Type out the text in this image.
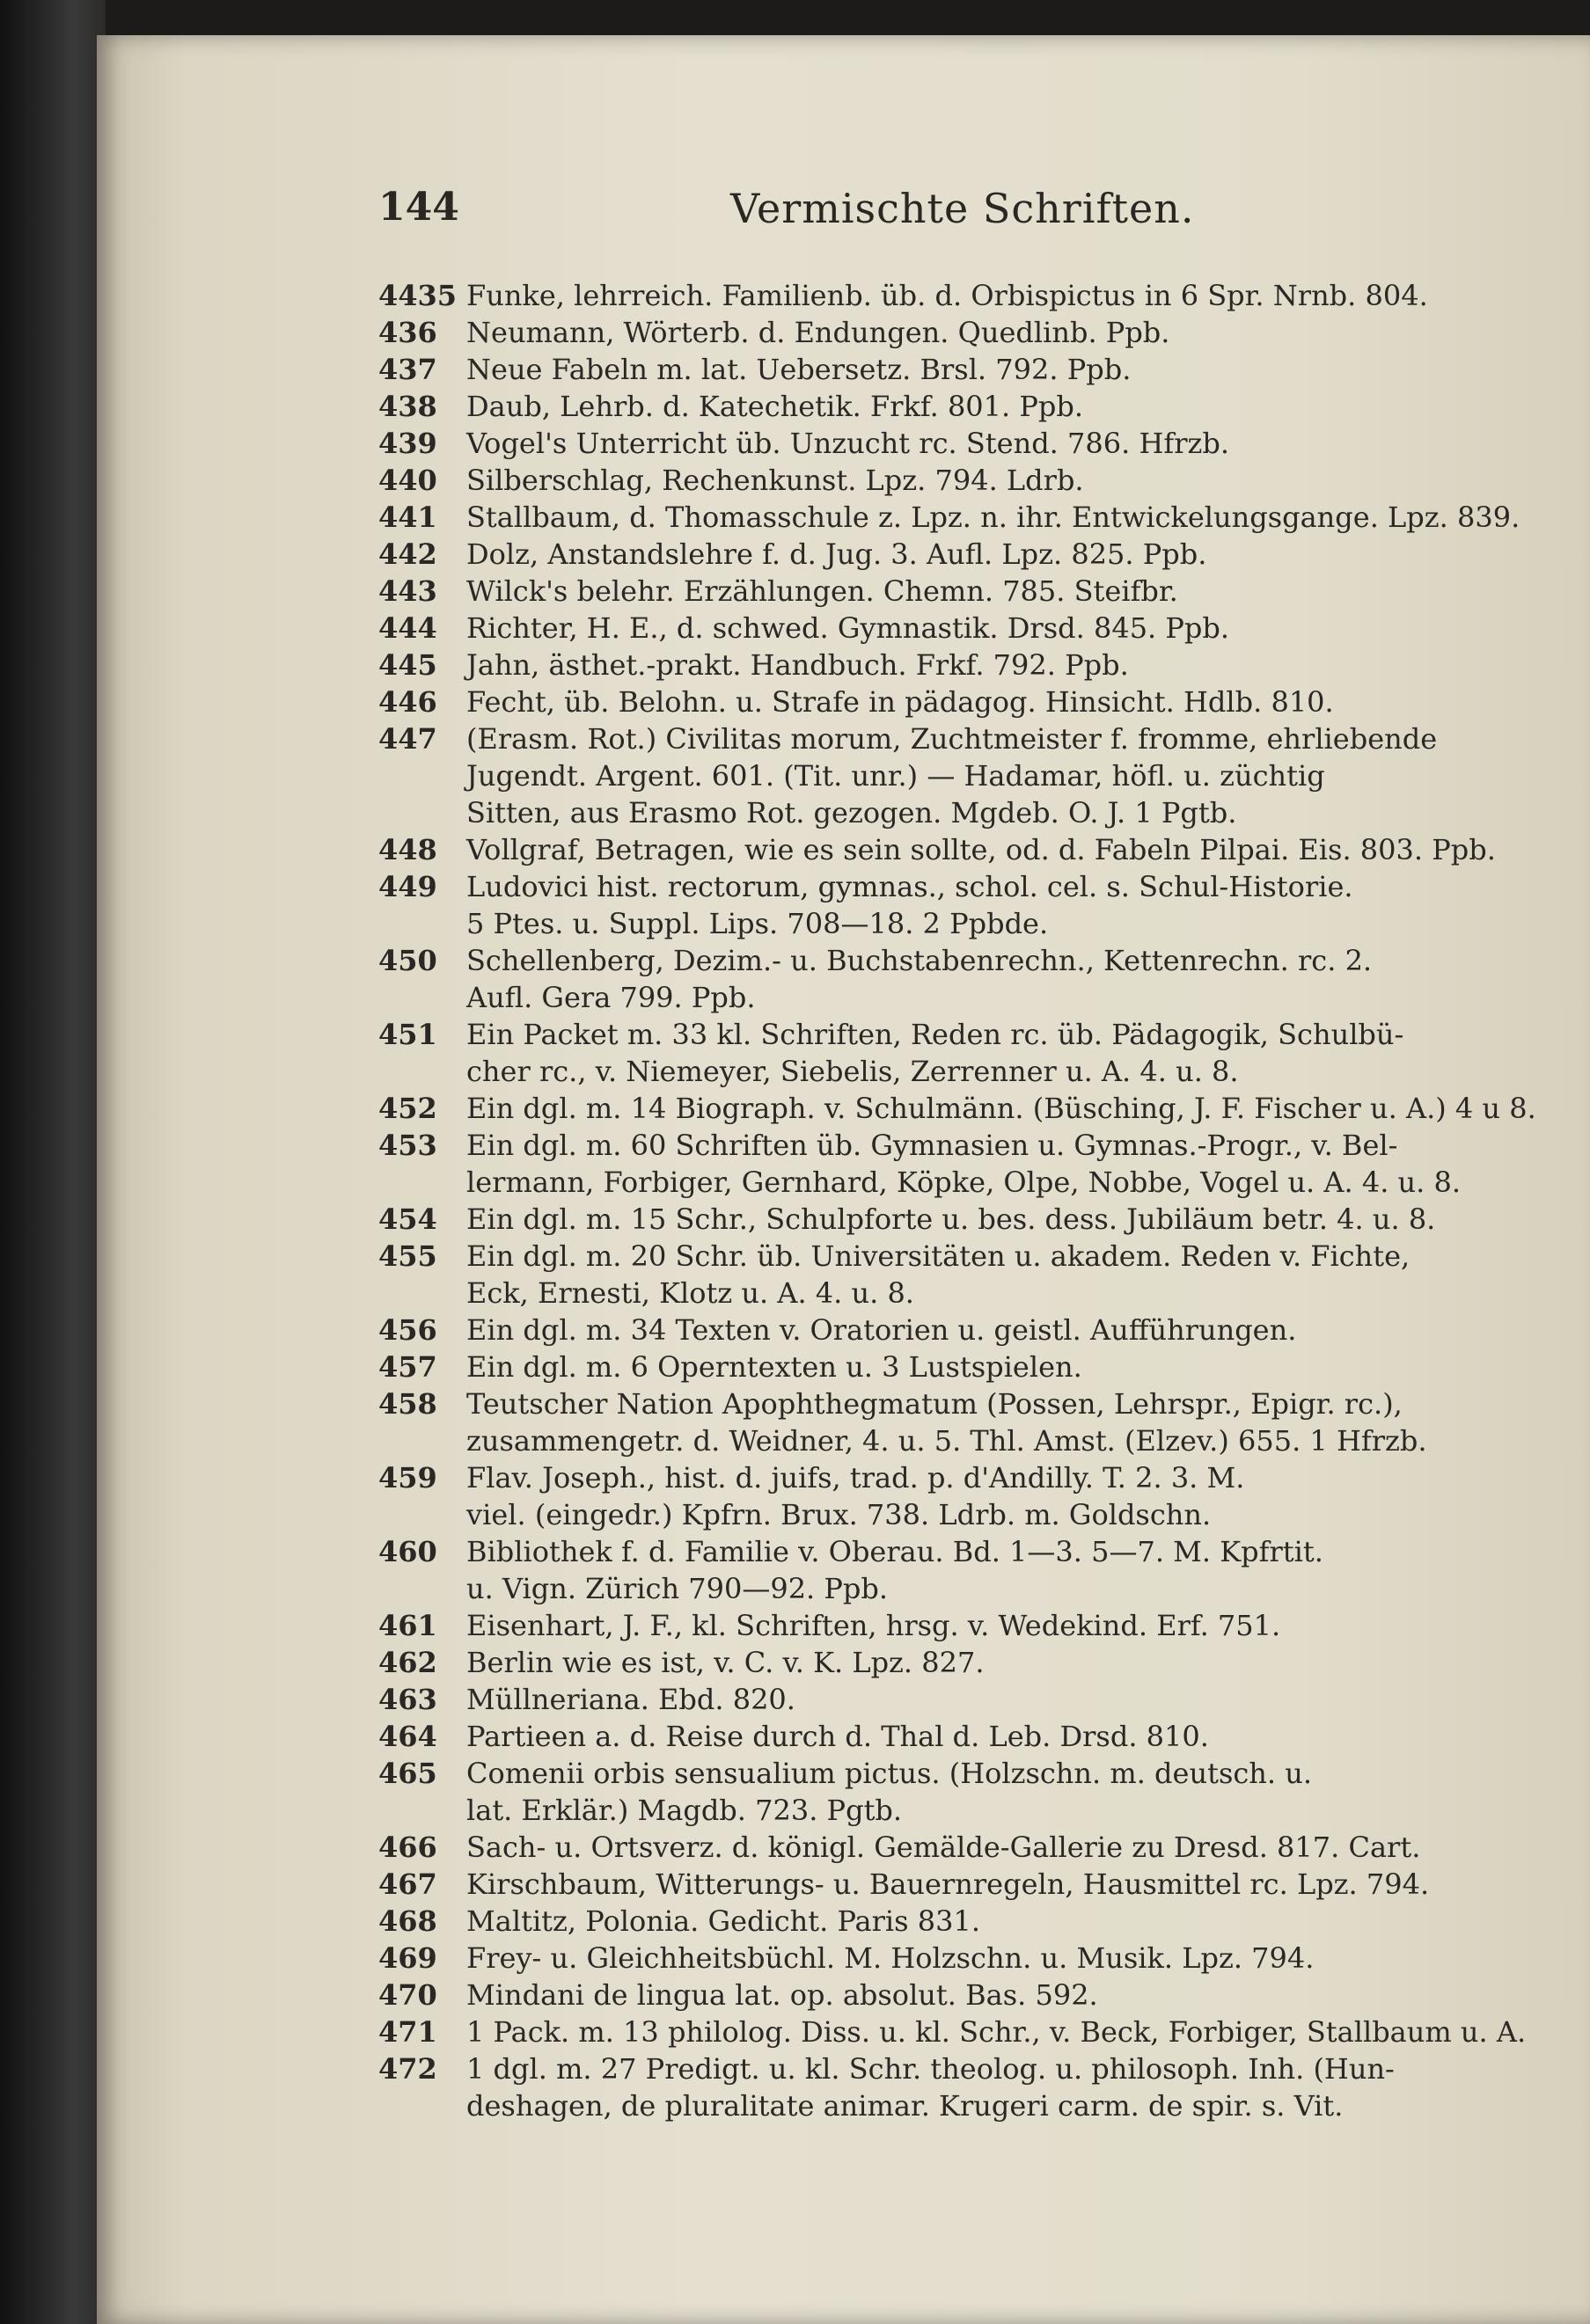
144	Vermischte Schriften.
4435 Funke, lehrreich. Familienb. üb. d. Orbispictus in 6 Spr. Nrnb. 804.
436	Neumann, Wörterb. d. Endungen. Quedlinb. Ppb.
437	Neue Fabeln m. lat. Uebersetz. Brsl. 792. Ppb.
438	Daub, Lehrb. d. Katechetik. Frkf. 801. Ppb.
439	Vogel's Unterricht üb. Unzucht rc. Stend. 786. Hfrzb.
440	Silberschlag, Rechenkunst. Lpz. 794. Ldrb.
441	Stallbaum, d. Thomasschule z. Lpz. n. ihr. Entwickelungsgange. Lpz. 839.
442	Dolz, Anstandslehre f. d. Jug. 3. Aufl. Lpz. 825. Ppb.
443	Wilck's belehr. Erzählungen. Chemn. 785. Steifbr.
444	Richter, H. E., d. schwed. Gymnastik. Drsd. 845. Ppb.
445	Jahn, ästhet.-prakt. Handbuch. Frkf. 792. Ppb.
446	Fecht, üb. Belohn. u. Strafe in pädagog. Hinsicht. Hdlb. 810.
447	(Erasm. Rot.) Civilitas morum, Zuchtmeister f. fromme, ehrliebende
Jugendt. Argent. 601. (Tit. unr.) — Hadamar, höfl. u. züchtig
Sitten, aus Erasmo Rot. gezogen. Mgdeb. O. J. 1 Pgtb.
448	Vollgraf, Betragen, wie es sein sollte, od. d. Fabeln Pilpai. Eis. 803. Ppb.
449	Ludovici hist. rectorum, gymnas., schol. cel. s. Schul-Historie.
5 Ptes. u. Suppl. Lips. 708—18. 2 Ppbde.
450	Schellenberg, Dezim.- u. Buchstabenrechn., Kettenrechn. rc. 2.
Aufl. Gera 799. Ppb.
451	Ein Packet m. 33 kl. Schriften, Reden rc. üb. Pädagogik, Schulbü-
cher rc., v. Niemeyer, Siebelis, Zerrenner u. A. 4. u. 8.
452	Ein dgl. m. 14 Biograph. v. Schulmänn. (Büsching, J. F. Fischer u. A.) 4 u 8.
453	Ein dgl. m. 60 Schriften üb. Gymnasien u. Gymnas.-Progr., v. Bel-
lermann, Forbiger, Gernhard, Köpke, Olpe, Nobbe, Vogel u. A. 4. u. 8.
454	Ein dgl. m. 15 Schr., Schulpforte u. bes. dess. Jubiläum betr. 4. u. 8.
455	Ein dgl. m. 20 Schr. üb. Universitäten u. akadem. Reden v. Fichte,
Eck, Ernesti, Klotz u. A. 4. u. 8.
456	Ein dgl. m. 34 Texten v. Oratorien u. geistl. Aufführungen.
457	Ein dgl. m. 6 Operntexten u. 3 Lustspielen.
458	Teutscher Nation Apophthegmatum (Possen, Lehrspr., Epigr. rc.),
zusammengetr. d. Weidner, 4. u. 5. Thl. Amst. (Elzev.) 655. 1 Hfrzb.
459	Flav. Joseph., hist. d. juifs, trad. p. d'Andilly. T. 2. 3. M.
viel. (eingedr.) Kpfrn. Brux. 738. Ldrb. m. Goldschn.
460	Bibliothek f. d. Familie v. Oberau. Bd. 1—3. 5—7. M. Kpfrtit.
u. Vign. Zürich 790—92. Ppb.
461	Eisenhart, J. F., kl. Schriften, hrsg. v. Wedekind. Erf. 751.
462	Berlin wie es ist, v. C. v. K. Lpz. 827.
463	Müllneriana. Ebd. 820.
464	Partieen a. d. Reise durch d. Thal d. Leb. Drsd. 810.
465	Comenii orbis sensualium pictus. (Holzschn. m. deutsch. u.
lat. Erklär.) Magdb. 723. Pgtb.
466	Sach- u. Ortsverz. d. königl. Gemälde-Gallerie zu Dresd. 817. Cart.
467	Kirschbaum, Witterungs- u. Bauernregeln, Hausmittel rc. Lpz. 794.
468	Maltitz, Polonia. Gedicht. Paris 831.
469	Frey- u. Gleichheitsbüchl. M. Holzschn. u. Musik. Lpz. 794.
470	Mindani de lingua lat. op. absolut. Bas. 592.
471	1 Pack. m. 13 philolog. Diss. u. kl. Schr., v. Beck, Forbiger, Stallbaum u. A.
472	1 dgl. m. 27 Predigt. u. kl. Schr. theolog. u. philosoph. Inh. (Hun-
deshagen, de pluralitate animar. Krugeri carm. de spir. s. Vit.
